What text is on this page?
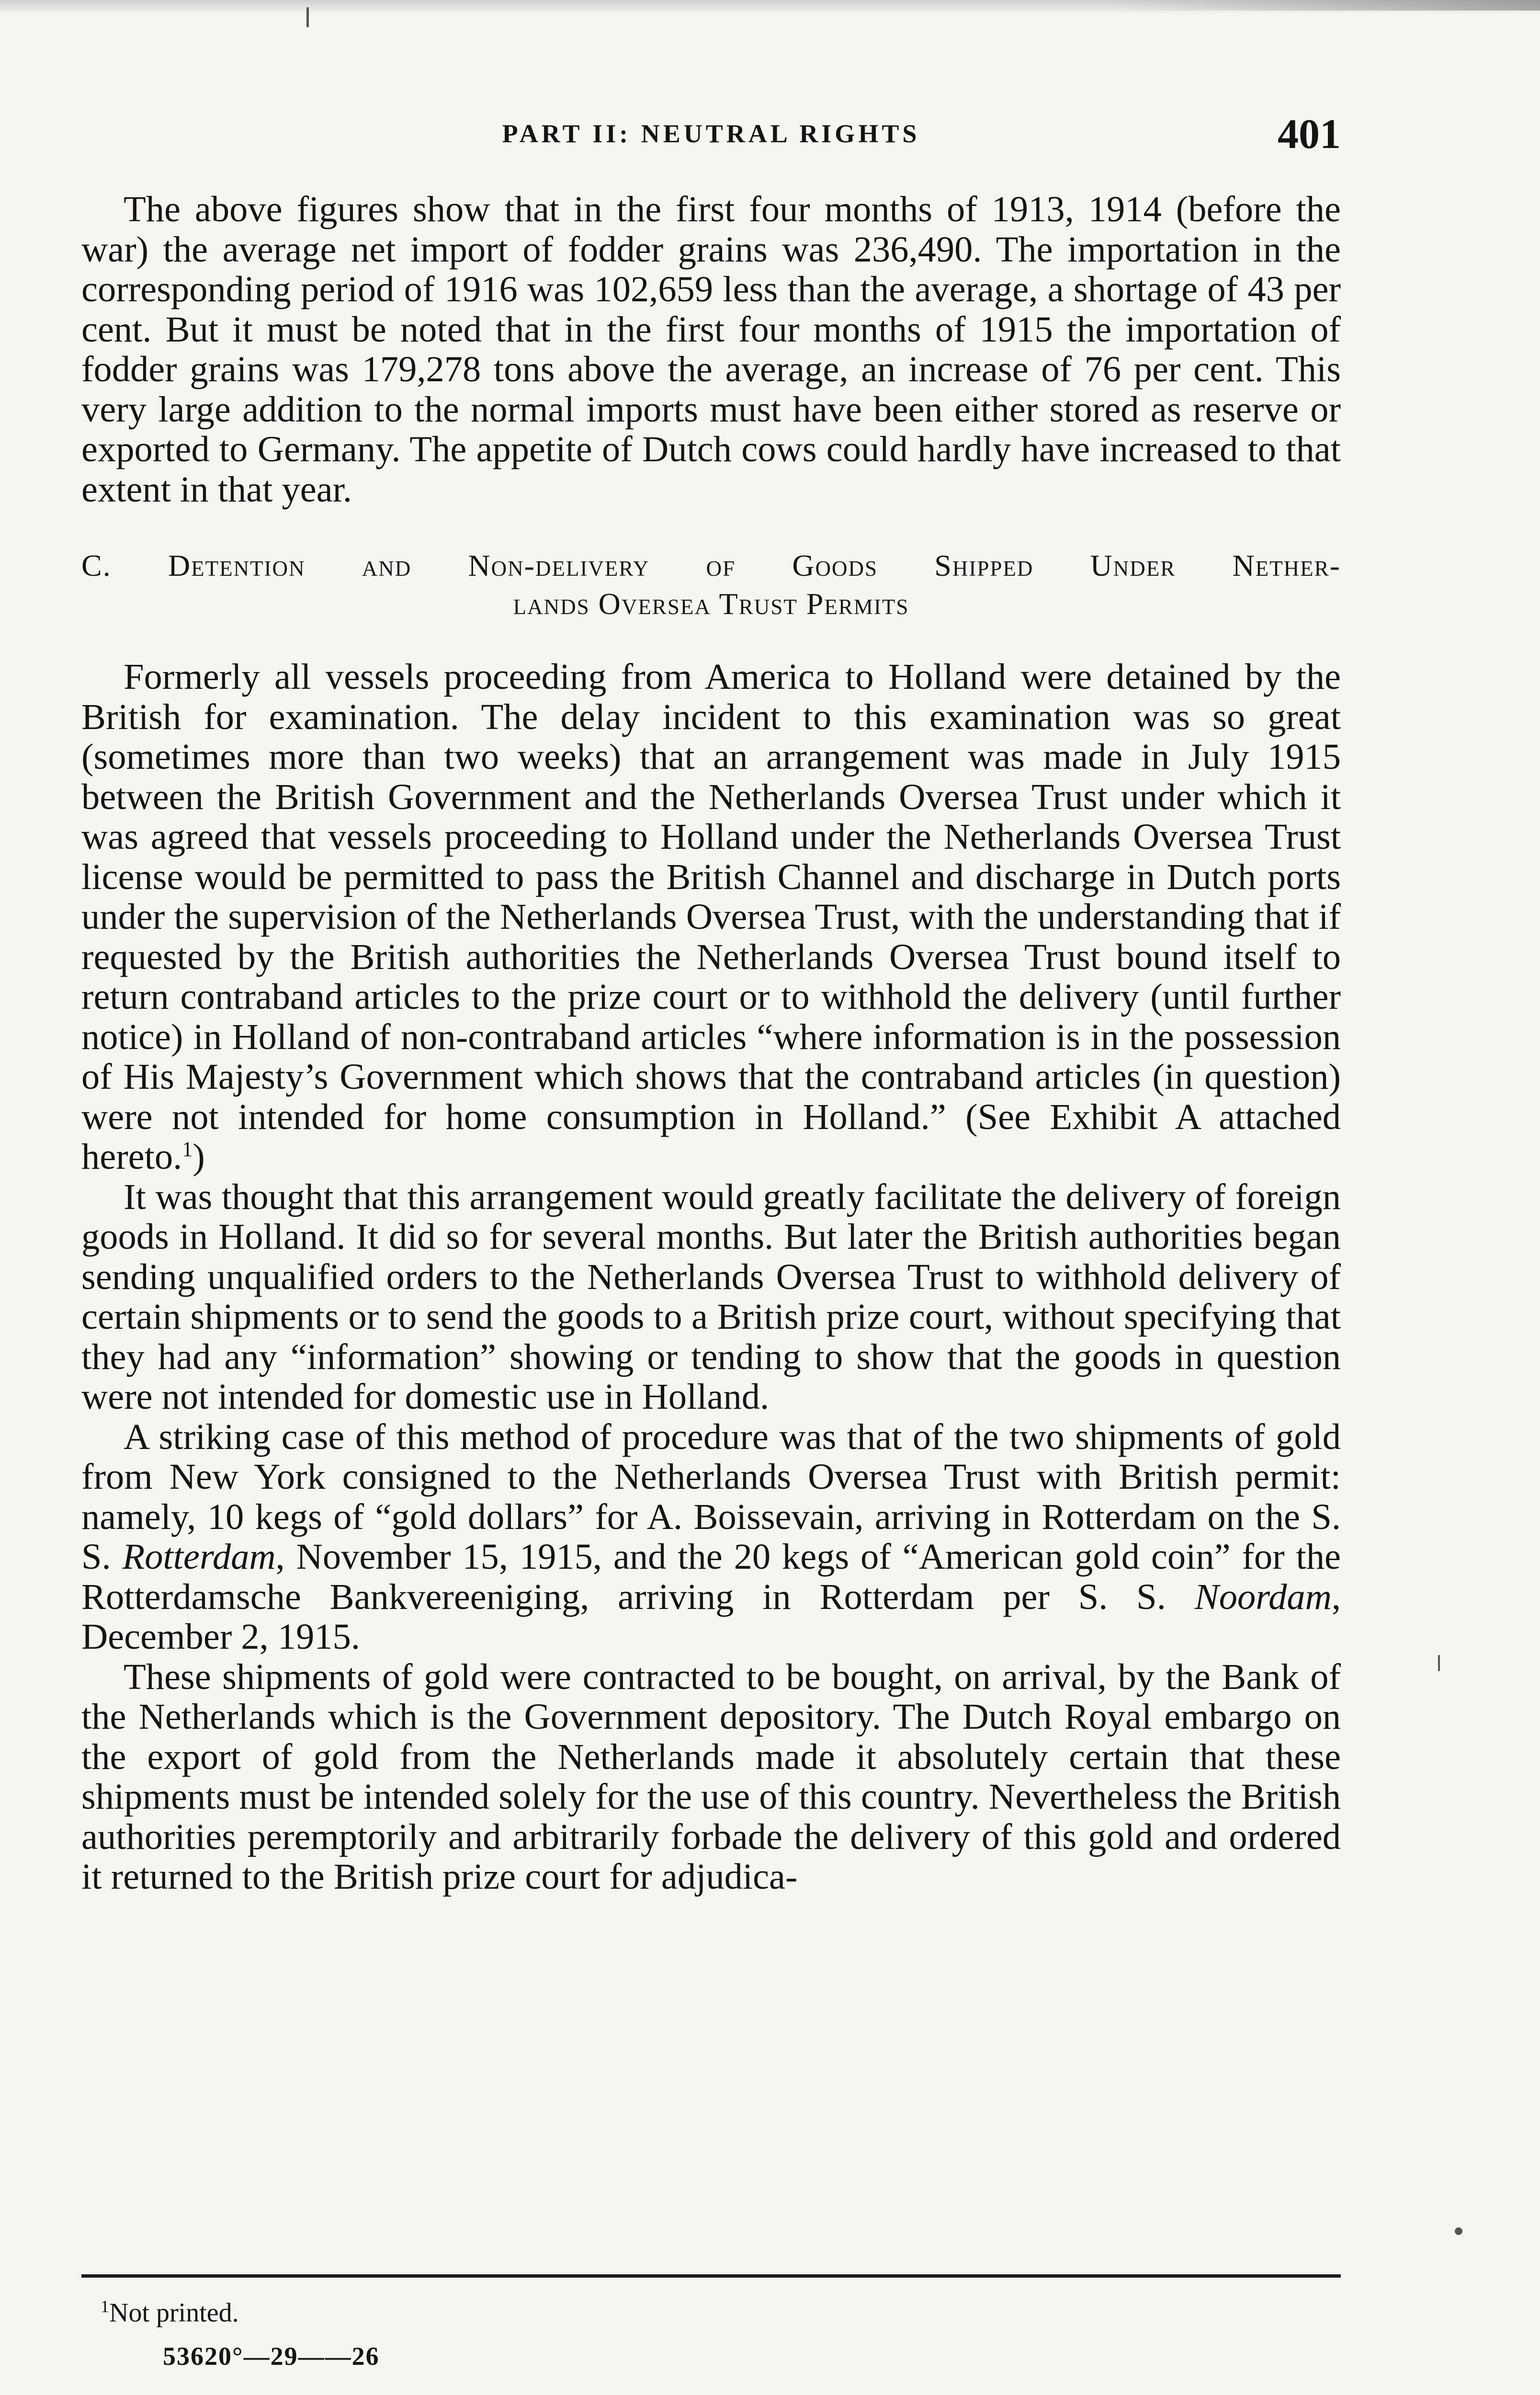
PART II: NEUTRAL RIGHTS	401

The above figures show that in the first four months of 1913, 1914 (before the war) the average net import of fodder grains was 236,490. The importation in the corresponding period of 1916 was 102,659 less than the average, a shortage of 43 per cent. But it must be noted that in the first four months of 1915 the importation of fodder grains was 179,278 tons above the average, an increase of 76 per cent. This very large addition to the normal imports must have been either stored as reserve or exported to Germany. The appetite of Dutch cows could hardly have increased to that extent in that year.

C. Detention and Non-delivery of Goods Shipped Under Nether-
lands Oversea Trust Permits

Formerly all vessels proceeding from America to Holland were detained by the British for examination. The delay incident to this examination was so great (sometimes more than two weeks) that an arrangement was made in July 1915 between the British Government and the Netherlands Oversea Trust under which it was agreed that vessels proceeding to Holland under the Netherlands Oversea Trust license would be permitted to pass the British Channel and discharge in Dutch ports under the supervision of the Netherlands Oversea Trust, with the understanding that if requested by the British authorities the Netherlands Oversea Trust bound itself to return contraband articles to the prize court or to withhold the delivery (until further notice) in Holland of non-contraband articles “where information is in the possession of His Majesty’s Government which shows that the contraband articles (in question) were not intended for home consumption in Holland.” (See Exhibit A attached hereto.$^1$)

It was thought that this arrangement would greatly facilitate the delivery of foreign goods in Holland. It did so for several months. But later the British authorities began sending unqualified orders to the Netherlands Oversea Trust to withhold delivery of certain shipments or to send the goods to a British prize court, without specifying that they had any “information” showing or tending to show that the goods in question were not intended for domestic use in Holland.

A striking case of this method of procedure was that of the two shipments of gold from New York consigned to the Netherlands Oversea Trust with British permit: namely, 10 kegs of “gold dollars” for A. Boissevain, arriving in Rotterdam on the S. S. Rotterdam, November 15, 1915, and the 20 kegs of “American gold coin” for the Rotterdamsche Bankvereeniging, arriving in Rotterdam per S. S. Noordam, December 2, 1915.

These shipments of gold were contracted to be bought, on arrival, by the Bank of the Netherlands which is the Government depository. The Dutch Royal embargo on the export of gold from the Netherlands made it absolutely certain that these shipments must be intended solely for the use of this country. Nevertheless the British authorities peremptorily and arbitrarily forbade the delivery of this gold and ordered it returned to the British prize court for adjudica-

$^1$Not printed.
53620°—29——26
